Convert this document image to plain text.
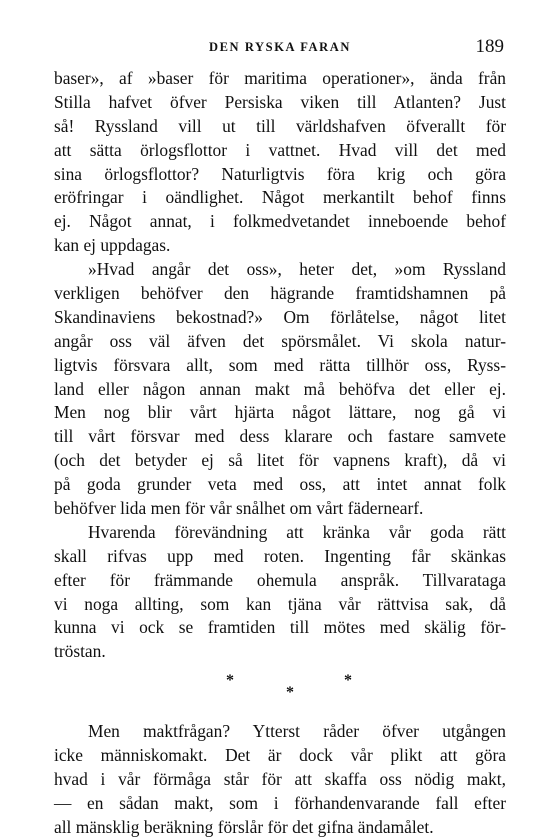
DEN RYSKA FARAN	189
baser», af »baser för maritima operationer», ända från
Stilla hafvet öfver Persiska viken till Atlanten? Just
så! Ryssland vill ut till världshafven öfverallt för
att sätta örlogsflottor i vattnet. Hvad vill det med
sina örlogsflottor? Naturligtvis föra krig och göra
eröfringar i oändlighet. Något merkantilt behof finns
ej. Något annat, i folkmedvetandet inneboende behof
kan ej uppdagas.
»Hvad angår det oss», heter det, »om Ryssland
verkligen behöfver den hägrande framtidshamnen på
Skandinaviens bekostnad?» Om förlåtelse, något litet
angår oss väl äfven det spörsmålet. Vi skola natur-
ligtvis försvara allt, som med rätta tillhör oss, Ryss-
land eller någon annan makt må behöfva det eller ej.
Men nog blir vårt hjärta något lättare, nog gå vi
till vårt försvar med dess klarare och fastare samvete
(och det betyder ej så litet för vapnens kraft), då vi
på goda grunder veta med oss, att intet annat folk
behöfver lida men för vår snålhet om vårt fädernearf.
Hvarenda förevändning att kränka vår goda rätt
skall rifvas upp med roten. Ingenting får skänkas
efter för främmande ohemula anspråk. Tillvarataga
vi noga allting, som kan tjäna vår rättvisa sak, då
kunna vi ock se framtiden till mötes med skälig för-
tröstan.
*
*
*
Men maktfrågan? Ytterst råder öfver utgången
icke människomakt. Det är dock vår plikt att göra
hvad i vår förmåga står för att skaffa oss nödig makt,
— en sådan makt, som i förhandenvarande fall efter
all mänsklig beräkning förslår för det gifna ändamålet.
